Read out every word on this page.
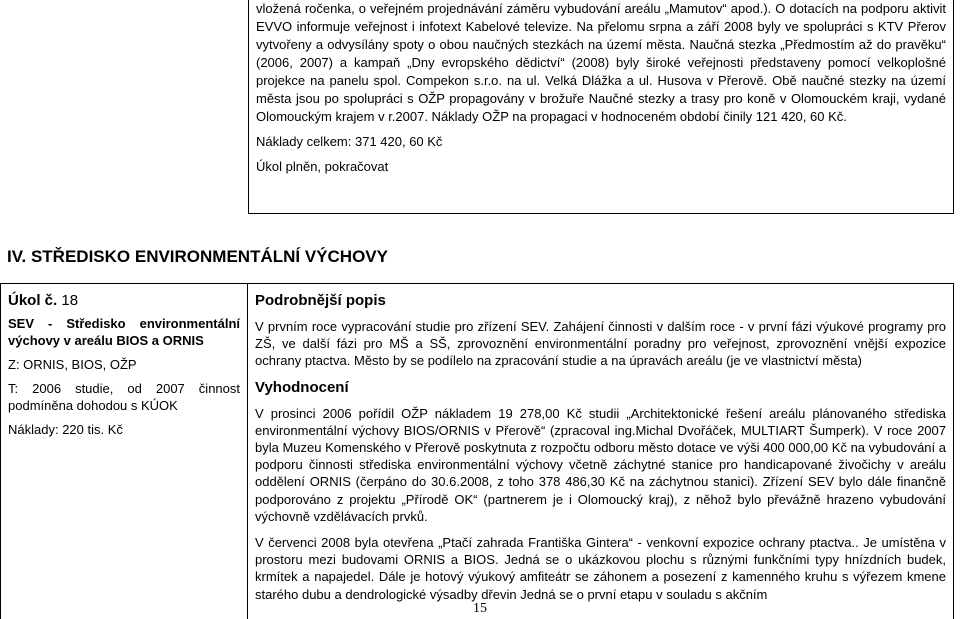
vložená ročenka, o veřejném projednávání záměru vybudování areálu „Mamutov“ apod.). O dotacích na podporu aktivit EVVO informuje veřejnost i infotext Kabelové televize. Na přelomu srpna a září 2008 byly ve spolupráci s KTV Přerov vytvořeny a odvysílány spoty o obou naučných stezkách na území města. Naučná stezka „Předmostím až do pravěku“ (2006, 2007) a kampaň „Dny evropského dědictví“ (2008) byly široké veřejnosti představeny pomocí velkoplošné projekce na panelu spol. Compekon s.r.o. na ul. Velká Dlážka a ul. Husova v Přerově. Obě naučné stezky na území města jsou po spolupráci s OŽP propagovány v brožuře Naučné stezky a trasy pro koně v Olomouckém kraji, vydané Olomouckým krajem v r.2007. Náklady OŽP na propagaci v hodnoceném období činily 121 420, 60 Kč.

Náklady celkem: 371 420, 60 Kč

Úkol plněn, pokračovat

IV. STŘEDISKO ENVIRONMENTÁLNÍ VÝCHOVY

Úkol č. 18

SEV - Středisko environmentální výchovy v areálu BIOS a ORNIS

Z: ORNIS, BIOS, OŽP

T: 2006 studie, od 2007 činnost podmíněna dohodou s KÚOK

Náklady: 220 tis. Kč

Podrobnější popis

V prvním roce vypracování studie pro zřízení SEV. Zahájení činnosti v dalším roce - v první fázi výukové programy pro ZŠ, ve další fázi pro MŠ a SŠ, zprovoznění environmentální poradny pro veřejnost, zprovoznění vnější expozice ochrany ptactva. Město by se podílelo na zpracování studie a na úpravách areálu (je ve vlastnictví města)

Vyhodnocení

V prosinci 2006 pořídil OŽP nákladem 19 278,00 Kč studii „Architektonické řešení areálu plánovaného střediska environmentální výchovy BIOS/ORNIS v Přerově“ (zpracoval ing.Michal Dvořáček, MULTIART Šumperk). V roce 2007 byla Muzeu Komenského v Přerově poskytnuta z rozpočtu odboru město dotace ve výši 400 000,00 Kč na vybudování a podporu činnosti střediska environmentální výchovy včetně záchytné stanice pro handicapované živočichy v areálu oddělení ORNIS (čerpáno do 30.6.2008, z toho 378 486,30 Kč na záchytnou stanici). Zřízení SEV bylo dále finančně podporováno z projektu „Přírodě OK“ (partnerem je i Olomoucký kraj), z něhož bylo převážně hrazeno vybudování výchovně vzdělávacích prvků.

V červenci 2008 byla otevřena „Ptačí zahrada Františka Gintera“ - venkovní expozice ochrany ptactva.. Je umístěna v prostoru mezi budovami ORNIS a BIOS. Jedná se o ukázkovou plochu s různými funkčními typy hnízdních budek, krmítek a napajedel. Dále je hotový výukový amfiteátr se záhonem a posezení z kamenného kruhu s výřezem kmene starého dubu a dendrologické výsadby dřevin Jedná se o první etapu v souladu s akčním

15
